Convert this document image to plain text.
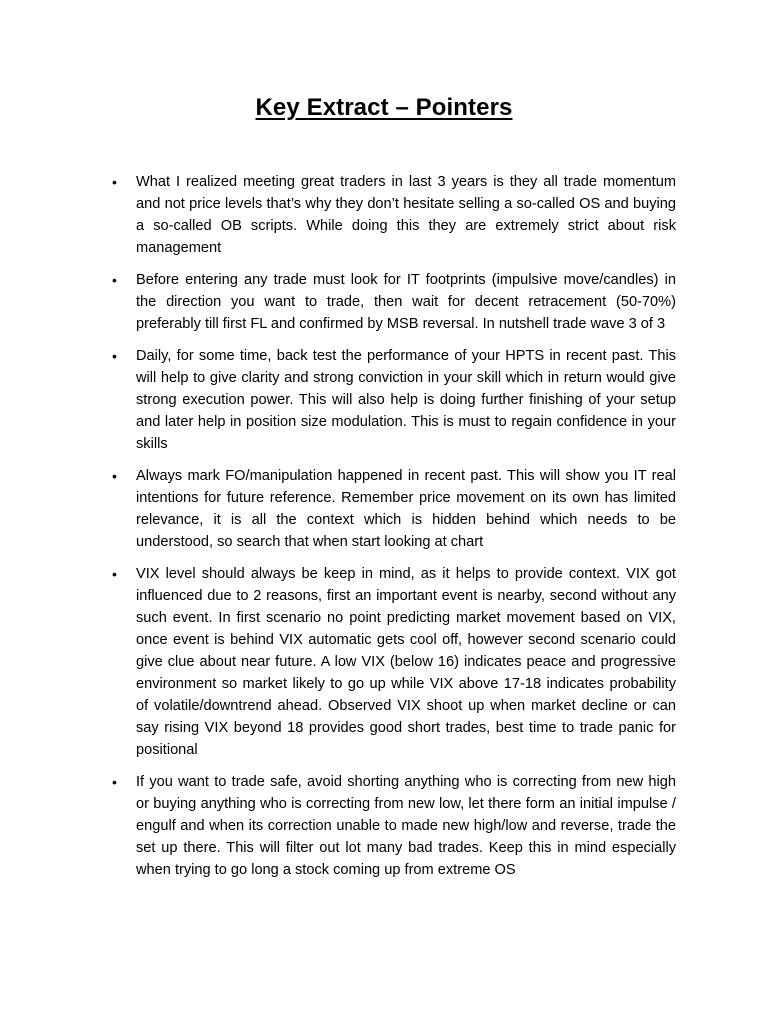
Key Extract – Pointers
•	What I realized meeting great traders in last 3 years is they all trade momentum and not price levels that’s why they don’t hesitate selling a so-called OS and buying a so-called OB scripts. While doing this they are extremely strict about risk management
•	Before entering any trade must look for IT footprints (impulsive move/candles) in the direction you want to trade, then wait for decent retracement (50-70%) preferably till first FL and confirmed by MSB reversal. In nutshell trade wave 3 of 3
•	Daily, for some time, back test the performance of your HPTS in recent past. This will help to give clarity and strong conviction in your skill which in return would give strong execution power. This will also help is doing further finishing of your setup and later help in position size modulation. This is must to regain confidence in your skills
•	Always mark FO/manipulation happened in recent past. This will show you IT real intentions for future reference. Remember price movement on its own has limited relevance, it is all the context which is hidden behind which needs to be understood, so search that when start looking at chart
•	VIX level should always be keep in mind, as it helps to provide context. VIX got influenced due to 2 reasons, first an important event is nearby, second without any such event. In first scenario no point predicting market movement based on VIX, once event is behind VIX automatic gets cool off, however second scenario could give clue about near future. A low VIX (below 16) indicates peace and progressive environment so market likely to go up while VIX above 17-18 indicates probability of volatile/downtrend ahead. Observed VIX shoot up when market decline or can say rising VIX beyond 18 provides good short trades, best time to trade panic for positional
•	If you want to trade safe, avoid shorting anything who is correcting from new high or buying anything who is correcting from new low, let there form an initial impulse / engulf and when its correction unable to made new high/low and reverse, trade the set up there. This will filter out lot many bad trades. Keep this in mind especially when trying to go long a stock coming up from extreme OS
